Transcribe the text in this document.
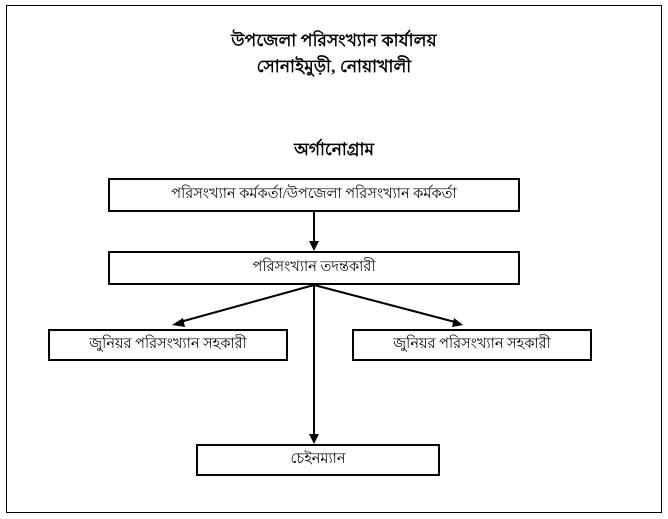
উপজেলা পরিসংখ্যান কার্যালয়
সোনাইমুড়ী, নোয়াখালী
অর্গানোগ্রাম
পরিসংখ্যান কর্মকর্তা/উপজেলা পরিসংখ্যান কর্মকর্তা
পরিসংখ্যান তদন্তকারী
জুনিয়র পরিসংখ্যান সহকারী	জুনিয়র পরিসংখ্যান সহকারী
চেইনম্যান
